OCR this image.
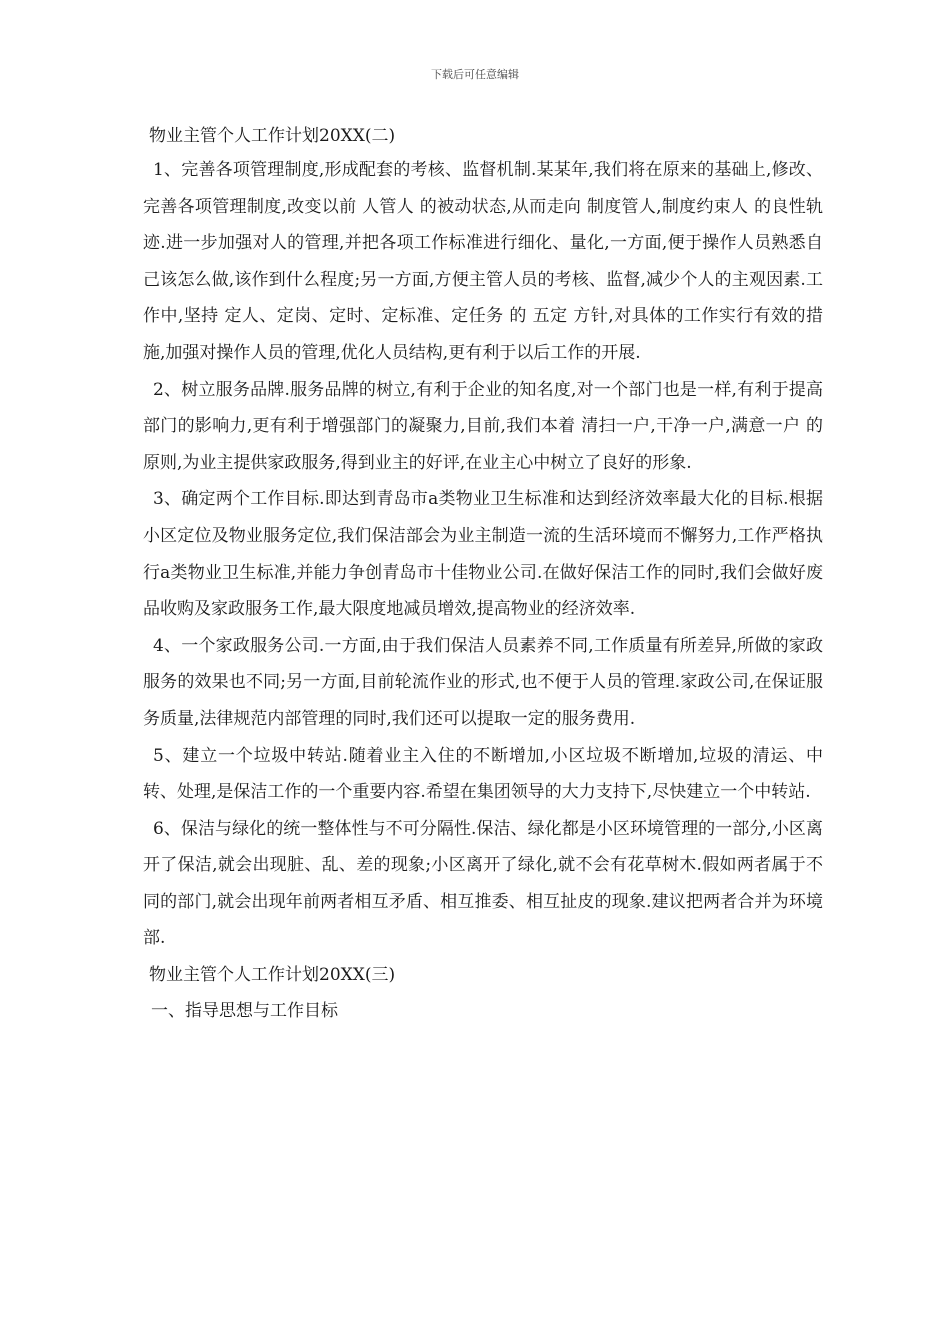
下载后可任意编辑
物业主管个人工作计划20XX(二)

1、完善各项管理制度,形成配套的考核、监督机制.某某年,我们将在原来的基础上,修改、完善各项管理制度,改变以前 人管人 的被动状态,从而走向 制度管人,制度约束人 的良性轨迹.进一步加强对人的管理,并把各项工作标准进行细化、量化,一方面,便于操作人员熟悉自己该怎么做,该作到什么程度;另一方面,方便主管人员的考核、监督,减少个人的主观因素.工作中,坚持 定人、定岗、定时、定标准、定任务 的 五定 方针,对具体的工作实行有效的措施,加强对操作人员的管理,优化人员结构,更有利于以后工作的开展.

2、树立服务品牌.服务品牌的树立,有利于企业的知名度,对一个部门也是一样,有利于提高部门的影响力,更有利于增强部门的凝聚力,目前,我们本着 清扫一户,干净一户,满意一户 的原则,为业主提供家政服务,得到业主的好评,在业主心中树立了良好的形象.

3、确定两个工作目标.即达到青岛市a类物业卫生标准和达到经济效率最大化的目标.根据小区定位及物业服务定位,我们保洁部会为业主制造一流的生活环境而不懈努力,工作严格执行a类物业卫生标准,并能力争创青岛市十佳物业公司.在做好保洁工作的同时,我们会做好废品收购及家政服务工作,最大限度地减员增效,提高物业的经济效率.

4、一个家政服务公司.一方面,由于我们保洁人员素养不同,工作质量有所差异,所做的家政服务的效果也不同;另一方面,目前轮流作业的形式,也不便于人员的管理.家政公司,在保证服务质量,法律规范内部管理的同时,我们还可以提取一定的服务费用.

5、建立一个垃圾中转站.随着业主入住的不断增加,小区垃圾不断增加,垃圾的清运、中转、处理,是保洁工作的一个重要内容.希望在集团领导的大力支持下,尽快建立一个中转站.

6、保洁与绿化的统一整体性与不可分隔性.保洁、绿化都是小区环境管理的一部分,小区离开了保洁,就会出现脏、乱、差的现象;小区离开了绿化,就不会有花草树木.假如两者属于不同的部门,就会出现年前两者相互矛盾、相互推委、相互扯皮的现象.建议把两者合并为环境部.

物业主管个人工作计划20XX(三)
一、指导思想与工作目标
